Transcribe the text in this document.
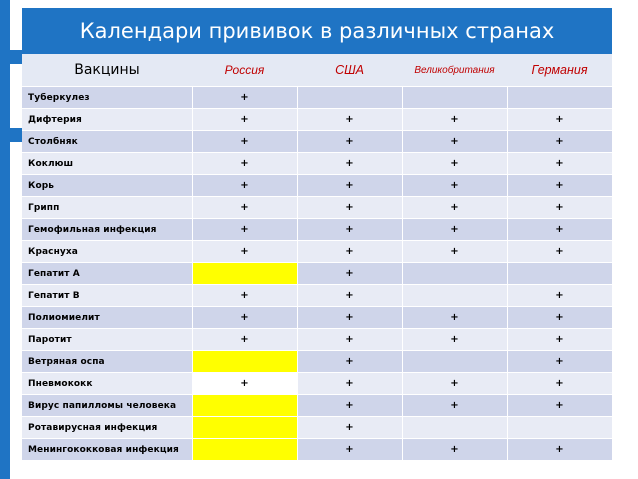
Календари прививок в различных странах
Вакцины	Россия	США	Великобритания	Германия
Туберкулез	+			
Дифтерия	+	+	+	+
Столбняк	+	+	+	+
Коклюш	+	+	+	+
Корь	+	+	+	+
Грипп	+	+	+	+
Гемофильная инфекция	+	+	+	+
Краснуха	+	+	+	+
Гепатит А		+		
Гепатит В	+	+		+
Полиомиелит	+	+	+	+
Паротит	+	+	+	+
Ветряная оспа		+		+
Пневмококк	+	+	+	+
Вирус папилломы человека		+	+	+
Ротавирусная инфекция		+		
Менингококковая инфекция		+	+	+
